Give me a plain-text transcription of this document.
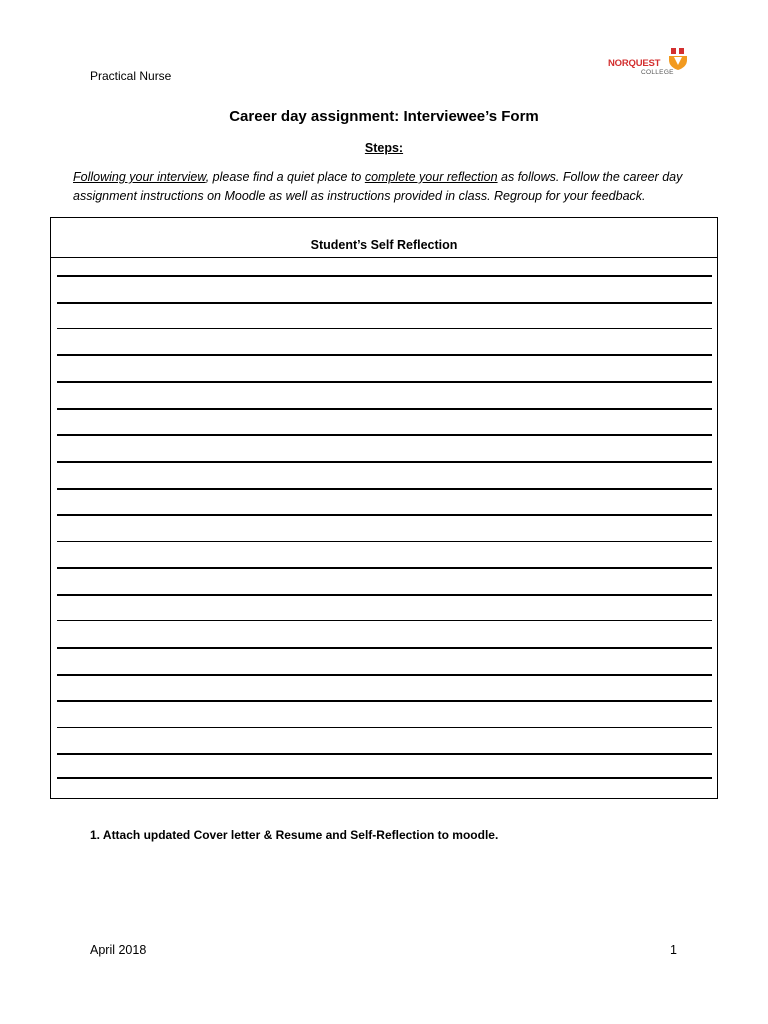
Practical Nurse
NORQUEST
COLLEGE
Career day assignment: Interviewee’s Form
Steps:
Following your interview, please find a quiet place to complete your reflection as follows. Follow the career day assignment instructions on Moodle as well as instructions provided in class. Regroup for your feedback.
Student’s Self Reflection
1. Attach updated Cover letter & Resume and Self-Reflection to moodle.
April 2018	1
